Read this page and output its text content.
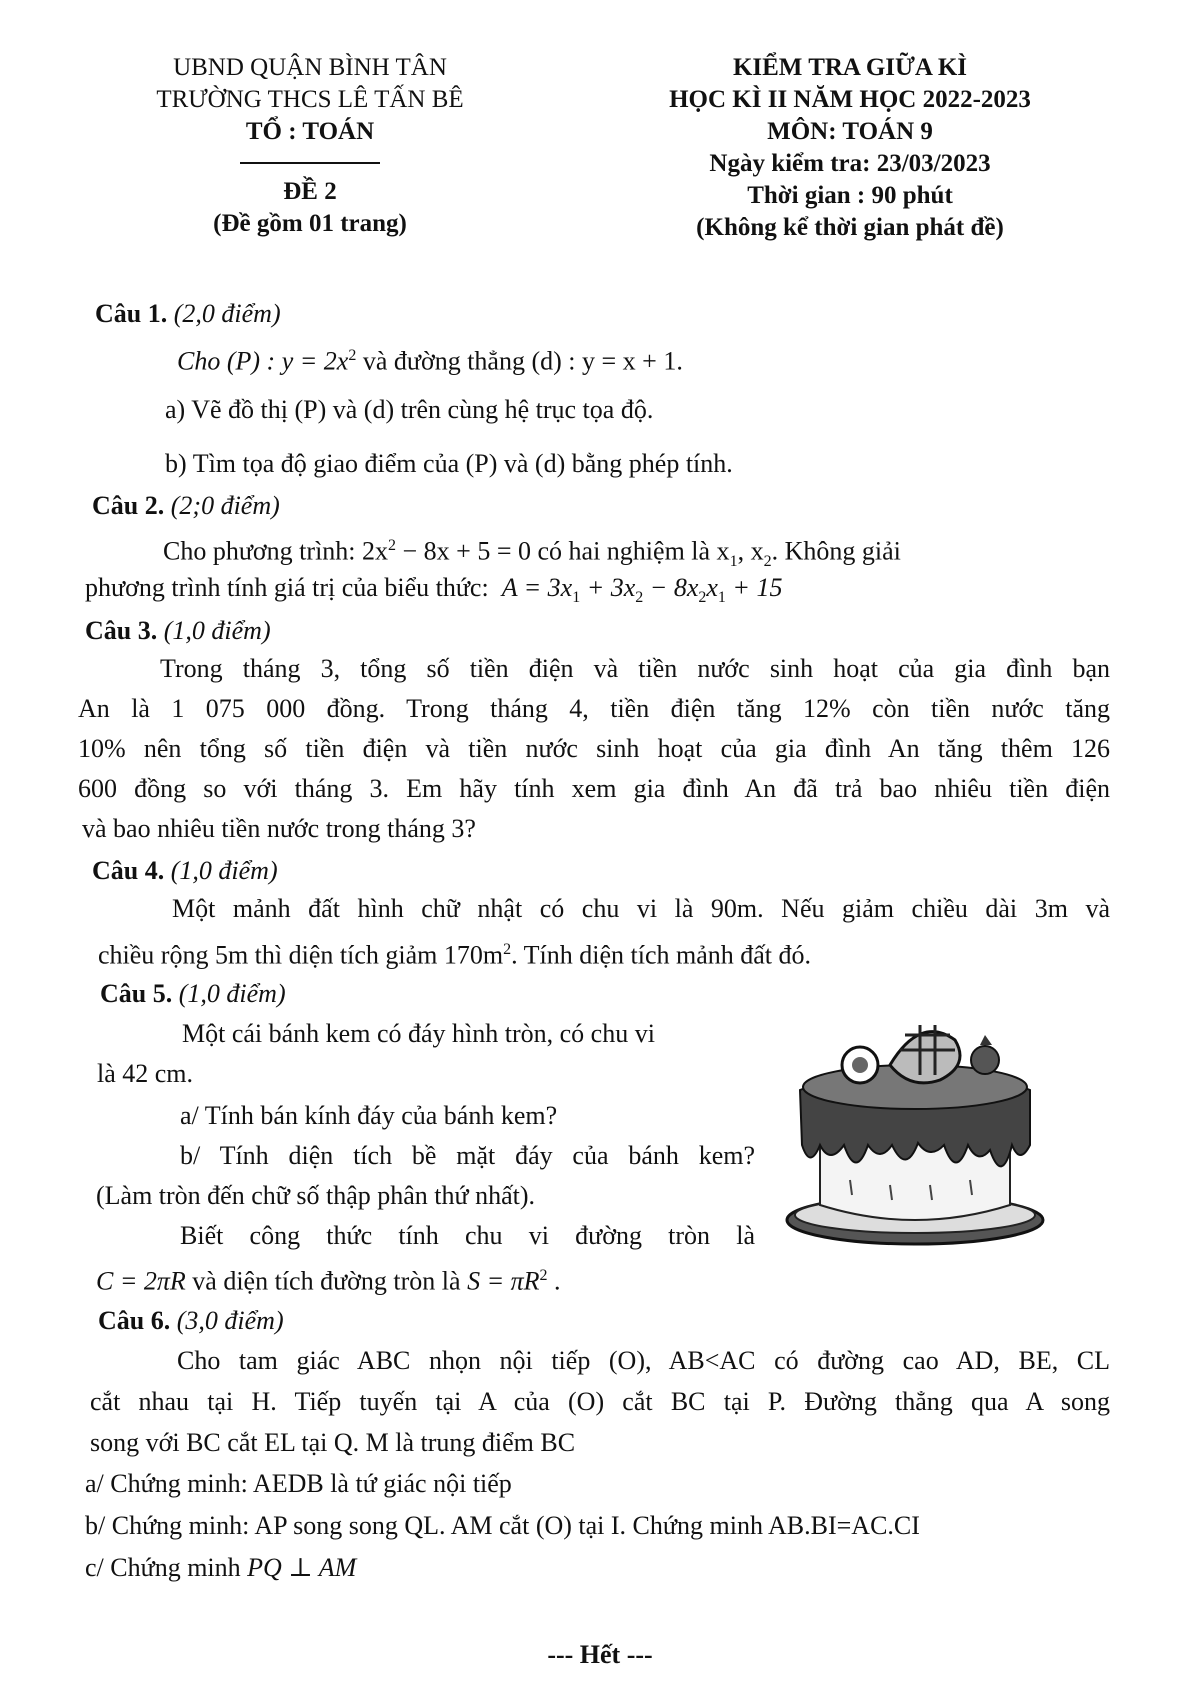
UBND QUẬN BÌNH TÂN
TRƯỜNG THCS LÊ TẤN BÊ
TỔ : TOÁN
ĐỀ 2
(Đề gồm 01 trang)
KIỂM TRA GIỮA KÌ
HỌC KÌ II NĂM HỌC 2022-2023
MÔN: TOÁN 9
Ngày kiểm tra: 23/03/2023
Thời gian : 90 phút
(Không kể thời gian phát đề)
Câu 1. (2,0 điểm)
Cho (P) : $y = 2x^2$ và đường thẳng (d) : y = x + 1.
a) Vẽ đồ thị (P) và (d) trên cùng hệ trục tọa độ.
b) Tìm tọa độ giao điểm của (P) và (d) bằng phép tính.
Câu 2. (2;0 điểm)
Cho phương trình: $2x^2 - 8x + 5 = 0$ có hai nghiệm là $x_1$, $x_2$. Không giải
phương trình tính giá trị của biểu thức: $A = 3x_1 + 3x_2 - 8x_2x_1 + 15$
Câu 3. (1,0 điểm)
Trong tháng 3, tổng số tiền điện và tiền nước sinh hoạt của gia đình bạn
An là 1 075 000 đồng. Trong tháng 4, tiền điện tăng 12% còn tiền nước tăng
10% nên tổng số tiền điện và tiền nước sinh hoạt của gia đình An tăng thêm 126
600 đồng so với tháng 3. Em hãy tính xem gia đình An đã trả bao nhiêu tiền điện
và bao nhiêu tiền nước trong tháng 3?
Câu 4. (1,0 điểm)
Một mảnh đất hình chữ nhật có chu vi là 90m. Nếu giảm chiều dài 3m và
chiều rộng 5m thì diện tích giảm $170m^2$. Tính diện tích mảnh đất đó.
Câu 5. (1,0 điểm)
Một cái bánh kem có đáy hình tròn, có chu vi
là 42 cm.
a/ Tính bán kính đáy của bánh kem?
b/ Tính diện tích bề mặt đáy của bánh kem?
(Làm tròn đến chữ số thập phân thứ nhất).
Biết công thức tính chu vi đường tròn là
C = 2πR và diện tích đường tròn là $S = \pi R^2$ .
Câu 6. (3,0 điểm)
Cho tam giác ABC nhọn nội tiếp (O), AB<AC có đường cao AD, BE, CL
cắt nhau tại H. Tiếp tuyến tại A của (O) cắt BC tại P. Đường thẳng qua A song
song với BC cắt EL tại Q. M là trung điểm BC
a/ Chứng minh: AEDB là tứ giác nội tiếp
b/ Chứng minh: AP song song QL. AM cắt (O) tại I. Chứng minh AB.BI=AC.CI
c/ Chứng minh PQ ⊥ AM
--- Hết ---
